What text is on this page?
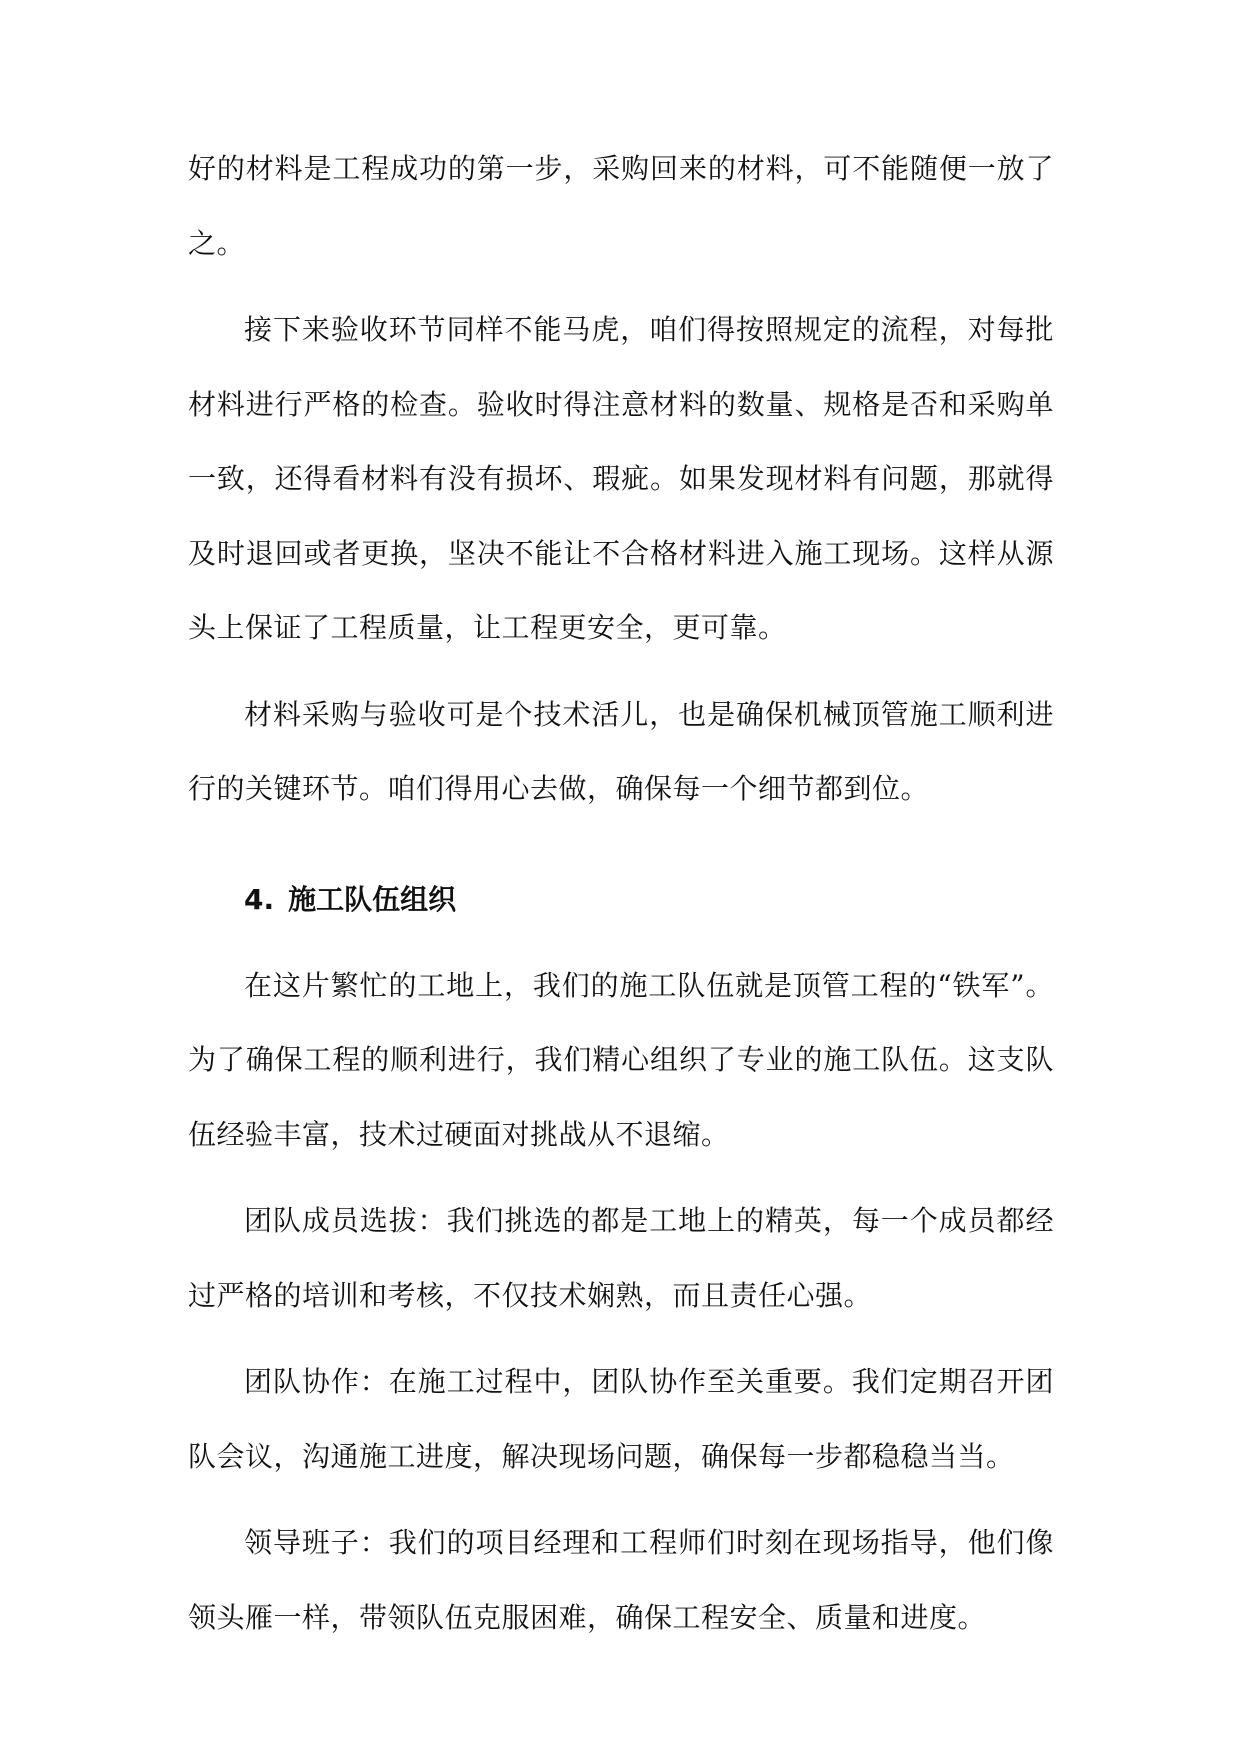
好的材料是工程成功的第一步，采购回来的材料，可不能随便一放了之。

接下来验收环节同样不能马虎，咱们得按照规定的流程，对每批材料进行严格的检查。验收时得注意材料的数量、规格是否和采购单一致，还得看材料有没有损坏、瑕疵。如果发现材料有问题，那就得及时退回或者更换，坚决不能让不合格材料进入施工现场。这样从源头上保证了工程质量，让工程更安全，更可靠。

材料采购与验收可是个技术活儿，也是确保机械顶管施工顺利进行的关键环节。咱们得用心去做，确保每一个细节都到位。

4. 施工队伍组织

在这片繁忙的工地上，我们的施工队伍就是顶管工程的“铁军”。为了确保工程的顺利进行，我们精心组织了专业的施工队伍。这支队伍经验丰富，技术过硬面对挑战从不退缩。

团队成员选拔：我们挑选的都是工地上的精英，每一个成员都经过严格的培训和考核，不仅技术娴熟，而且责任心强。

团队协作：在施工过程中，团队协作至关重要。我们定期召开团队会议，沟通施工进度，解决现场问题，确保每一步都稳稳当当。

领导班子：我们的项目经理和工程师们时刻在现场指导，他们像领头雁一样，带领队伍克服困难，确保工程安全、质量和进度。
